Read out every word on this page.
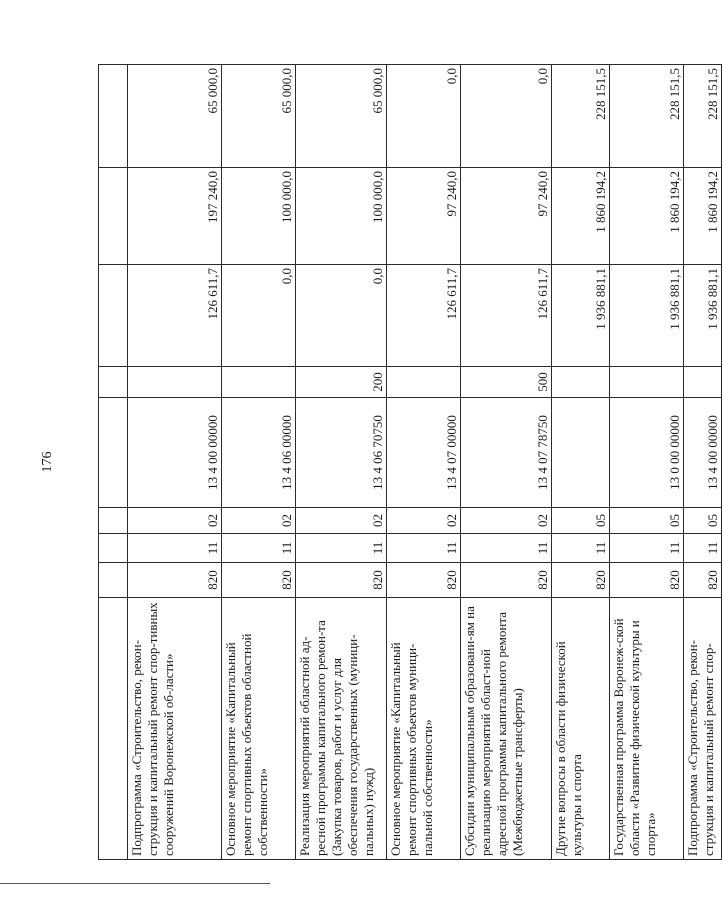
176

Подпрограмма «Строительство, рекон-струкция и капитальный ремонт спор-тивных сооружений Воронежской об-ласти»	820	11	02	13 4 00 00000		126 611,7	197 240,0	65 000,0
Основное мероприятие «Капитальный ремонт спортивных объектов областной собственности»	820	11	02	13 4 06 00000		0,0	100 000,0	65 000,0
Реализация мероприятий областной ад-ресной программы капитального ремон-та (Закупка товаров, работ и услуг для обеспечения государственных (муници-пальных) нужд)	820	11	02	13 4 06 70750	200	0,0	100 000,0	65 000,0
Основное мероприятие «Капитальный ремонт спортивных объектов муници-пальной собственности»	820	11	02	13 4 07 00000		126 611,7	97 240,0	0,0
Субсидии муниципальным образовани-ям на реализацию мероприятий област-ной адресной программы капитального ремонта (Межбюджетные трансферты)	820	11	02	13 4 07 78750	500	126 611,7	97 240,0	0,0
Другие вопросы в области физической культуры и спорта	820	11	05			1 936 881,1	1 860 194,2	228 151,5
Государственная программа Воронеж-ской области «Развитие физической культуры и спорта»	820	11	05	13 0 00 00000		1 936 881,1	1 860 194,2	228 151,5
Подпрограмма «Строительство, рекон-струкция и капитальный ремонт спор-	820	11	05	13 4 00 00000		1 936 881,1	1 860 194,2	228 151,5
